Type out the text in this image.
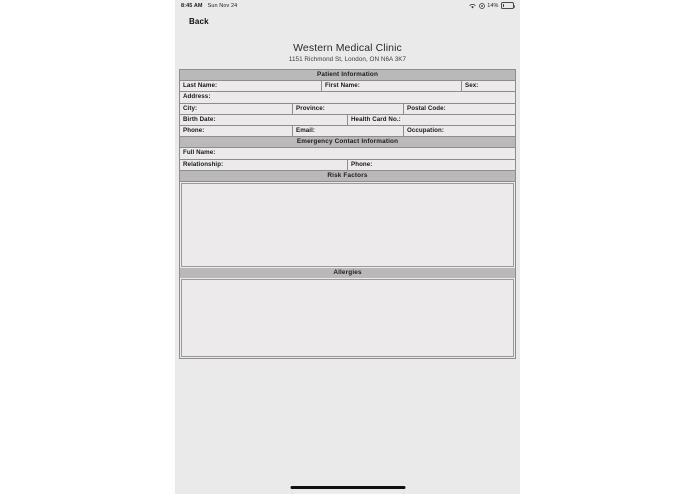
8:45 AM Sun Nov 24	14%
Back
Western Medical Clinic
1151 Richmond St, London, ON N6A 3K7
Patient Information
Last Name:	First Name:	Sex:
Address:
City:	Province:	Postal Code:
Birth Date:	Health Card No.:
Phone:	Email:	Occupation:
Emergency Contact Information
Full Name:
Relationship:	Phone:
Risk Factors
Allergies
